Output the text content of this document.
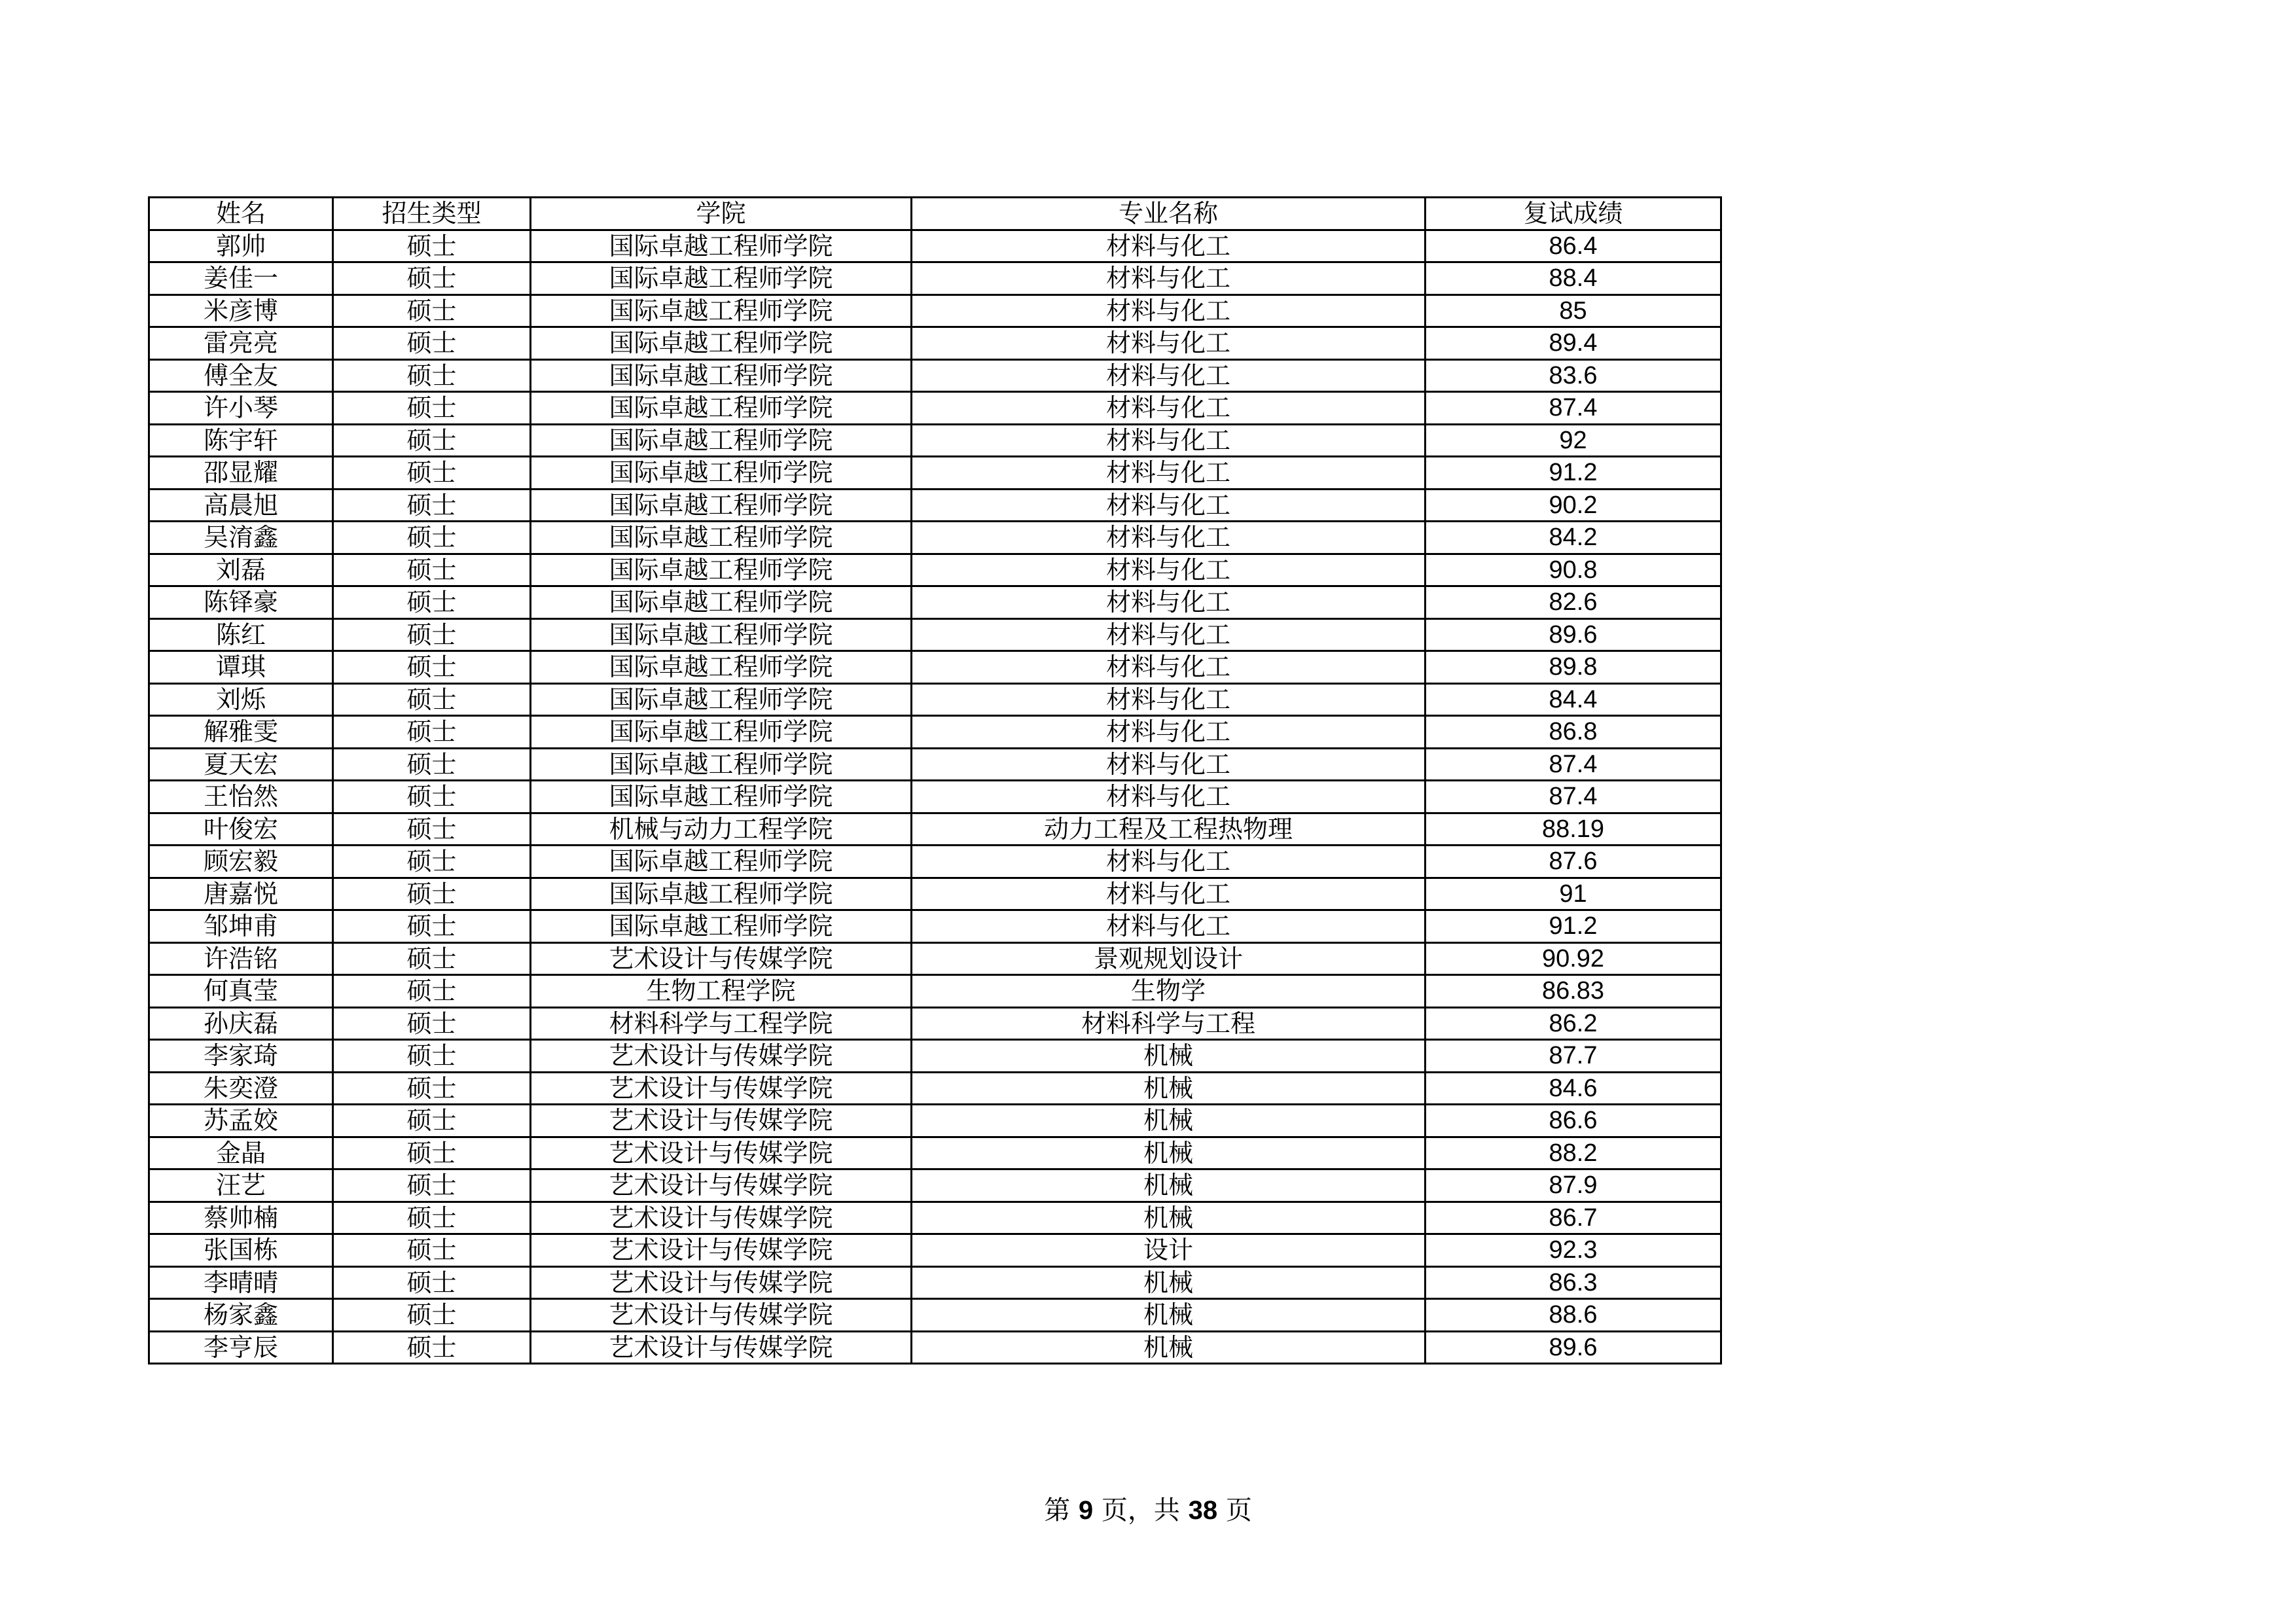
姓名	招生类型	学院	专业名称	复试成绩
郭帅	硕士	国际卓越工程师学院	材料与化工	86.4
姜佳一	硕士	国际卓越工程师学院	材料与化工	88.4
米彦博	硕士	国际卓越工程师学院	材料与化工	85
雷亮亮	硕士	国际卓越工程师学院	材料与化工	89.4
傅全友	硕士	国际卓越工程师学院	材料与化工	83.6
许小琴	硕士	国际卓越工程师学院	材料与化工	87.4
陈宇轩	硕士	国际卓越工程师学院	材料与化工	92
邵显耀	硕士	国际卓越工程师学院	材料与化工	91.2
高晨旭	硕士	国际卓越工程师学院	材料与化工	90.2
吴淯鑫	硕士	国际卓越工程师学院	材料与化工	84.2
刘磊	硕士	国际卓越工程师学院	材料与化工	90.8
陈铎豪	硕士	国际卓越工程师学院	材料与化工	82.6
陈红	硕士	国际卓越工程师学院	材料与化工	89.6
谭琪	硕士	国际卓越工程师学院	材料与化工	89.8
刘烁	硕士	国际卓越工程师学院	材料与化工	84.4
解雅雯	硕士	国际卓越工程师学院	材料与化工	86.8
夏天宏	硕士	国际卓越工程师学院	材料与化工	87.4
王怡然	硕士	国际卓越工程师学院	材料与化工	87.4
叶俊宏	硕士	机械与动力工程学院	动力工程及工程热物理	88.19
顾宏毅	硕士	国际卓越工程师学院	材料与化工	87.6
唐嘉悦	硕士	国际卓越工程师学院	材料与化工	91
邹坤甫	硕士	国际卓越工程师学院	材料与化工	91.2
许浩铭	硕士	艺术设计与传媒学院	景观规划设计	90.92
何真莹	硕士	生物工程学院	生物学	86.83
孙庆磊	硕士	材料科学与工程学院	材料科学与工程	86.2
李家琦	硕士	艺术设计与传媒学院	机械	87.7
朱奕澄	硕士	艺术设计与传媒学院	机械	84.6
苏孟姣	硕士	艺术设计与传媒学院	机械	86.6
金晶	硕士	艺术设计与传媒学院	机械	88.2
汪艺	硕士	艺术设计与传媒学院	机械	87.9
蔡帅楠	硕士	艺术设计与传媒学院	机械	86.7
张国栋	硕士	艺术设计与传媒学院	设计	92.3
李晴晴	硕士	艺术设计与传媒学院	机械	86.3
杨家鑫	硕士	艺术设计与传媒学院	机械	88.6
李亨辰	硕士	艺术设计与传媒学院	机械	89.6
第 9 页，共 38 页
